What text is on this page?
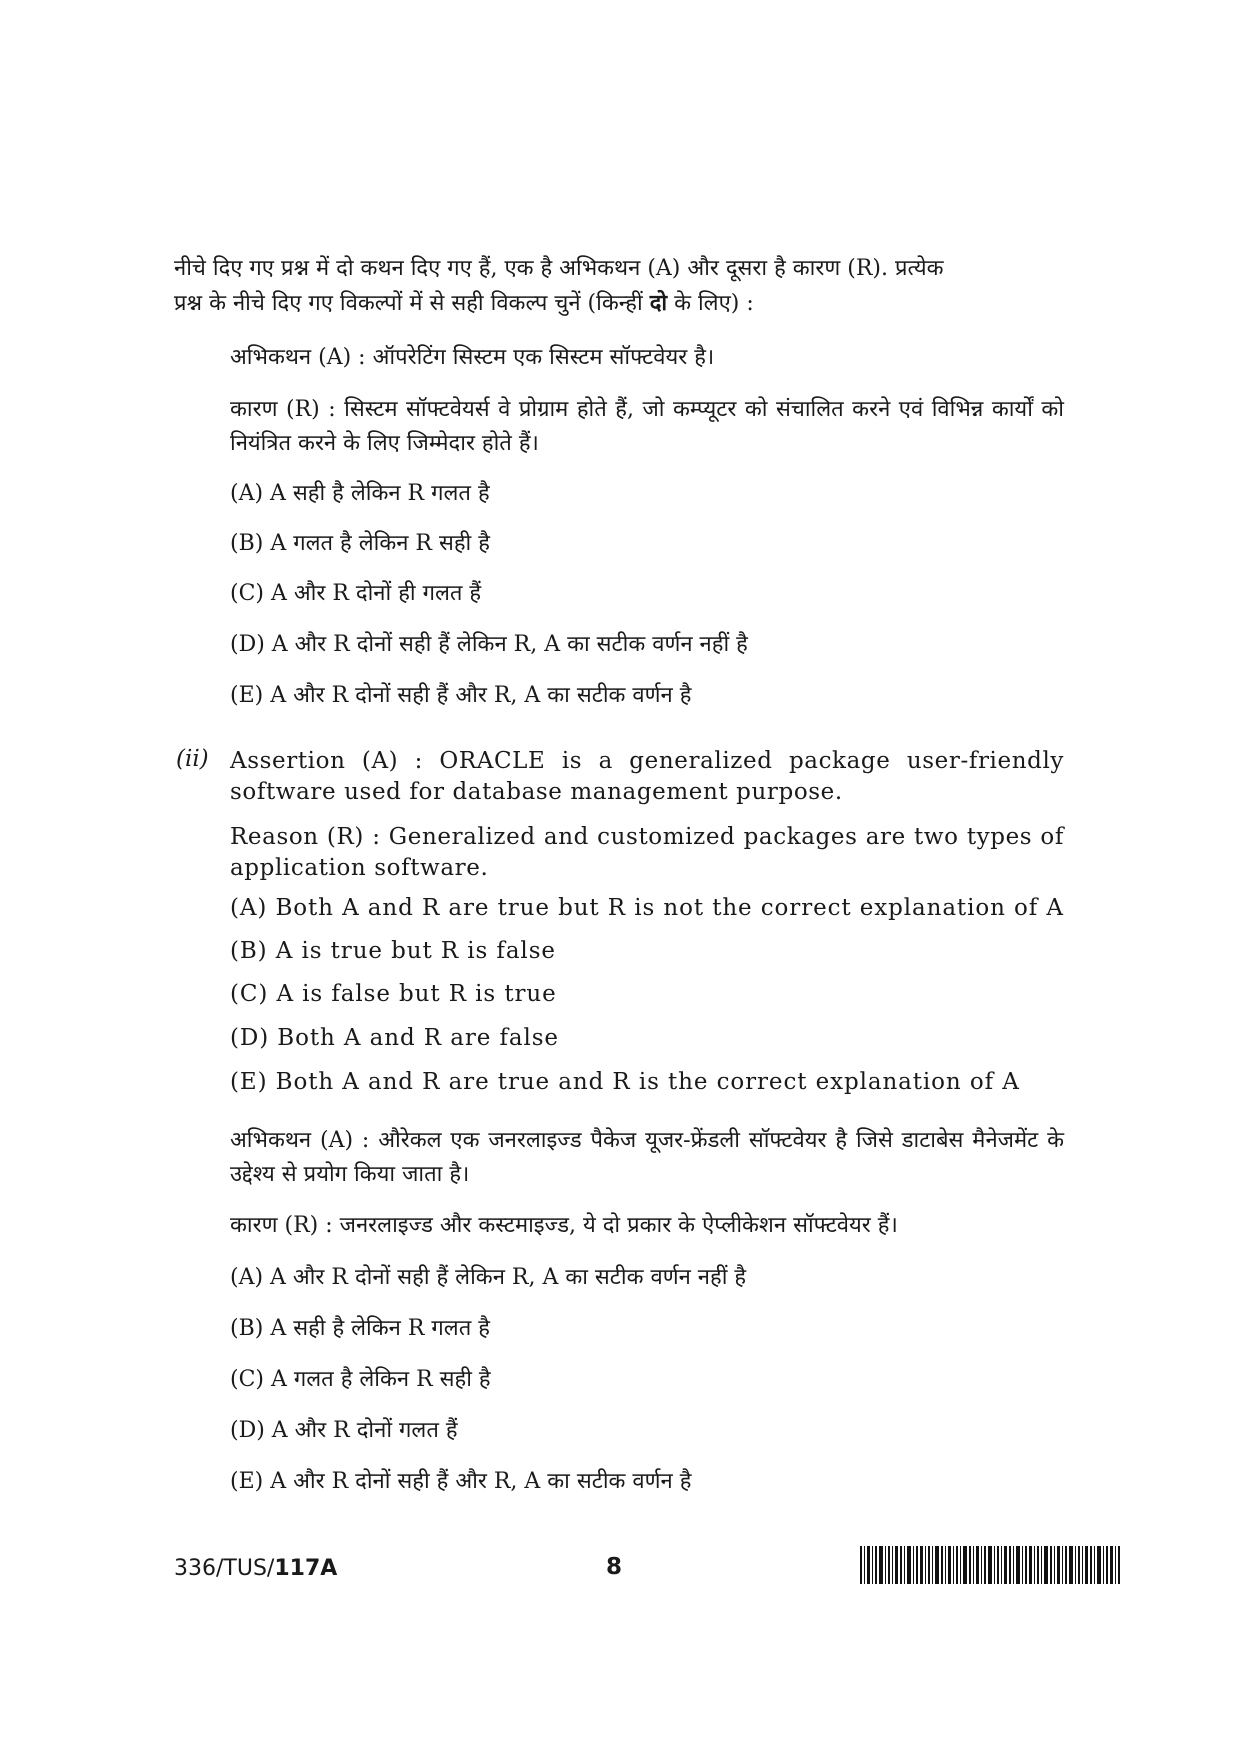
नीचे दिए गए प्रश्न में दो कथन दिए गए हैं, एक है अभिकथन (A) और दूसरा है कारण (R). प्रत्येक
प्रश्न के नीचे दिए गए विकल्पों में से सही विकल्प चुनें (किन्हीं दो के लिए) :
अभिकथन (A) : ऑपरेटिंग सिस्टम एक सिस्टम सॉफ्टवेयर है।
कारण (R) : सिस्टम सॉफ्टवेयर्स वे प्रोग्राम होते हैं, जो कम्प्यूटर को संचालित करने एवं विभिन्न कार्यों को नियंत्रित करने के लिए जिम्मेदार होते हैं।
(A) A सही है लेकिन R गलत है
(B) A गलत है लेकिन R सही है
(C) A और R दोनों ही गलत हैं
(D) A और R दोनों सही हैं लेकिन R, A का सटीक वर्णन नहीं है
(E) A और R दोनों सही हैं और R, A का सटीक वर्णन है
(ii) Assertion (A) : ORACLE is a generalized package user-friendly software used for database management purpose.
Reason (R) : Generalized and customized packages are two types of application software.
(A) Both A and R are true but R is not the correct explanation of A
(B) A is true but R is false
(C) A is false but R is true
(D) Both A and R are false
(E) Both A and R are true and R is the correct explanation of A
अभिकथन (A) : औरेकल एक जनरलाइज्ड पैकेज यूजर-फ्रेंडली सॉफ्टवेयर है जिसे डाटाबेस मैनेजमेंट के उद्देश्य से प्रयोग किया जाता है।
कारण (R) : जनरलाइज्ड और कस्टमाइज्ड, ये दो प्रकार के ऐप्लीकेशन सॉफ्टवेयर हैं।
(A) A और R दोनों सही हैं लेकिन R, A का सटीक वर्णन नहीं है
(B) A सही है लेकिन R गलत है
(C) A गलत है लेकिन R सही है
(D) A और R दोनों गलत हैं
(E) A और R दोनों सही हैं और R, A का सटीक वर्णन है
336/TUS/117A	8
